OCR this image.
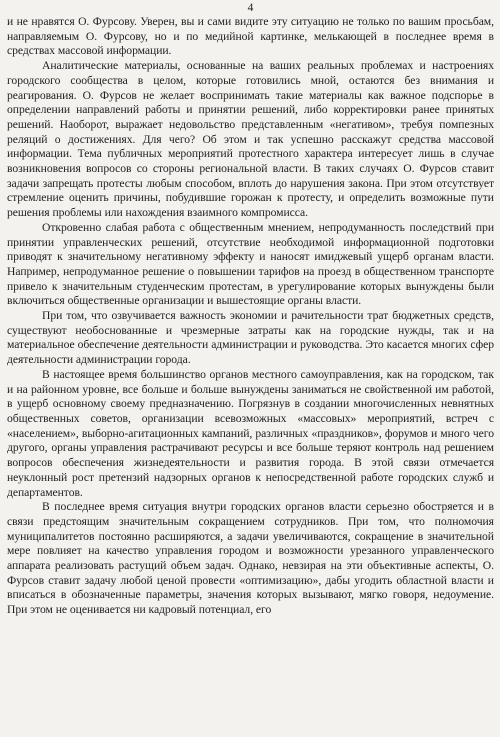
4

и не нравятся О. Фурсову. Уверен, вы и сами видите эту ситуацию не только по вашим просьбам, направляемым О. Фурсову, но и по медийной картинке, мелькающей в последнее время в средствах массовой информации.

Аналитические материалы, основанные на ваших реальных проблемах и настроениях городского сообщества в целом, которые готовились мной, остаются без внимания и реагирования. О. Фурсов не желает воспринимать такие материалы как важное подспорье в определении направлений работы и принятии решений, либо корректировки ранее принятых решений. Наоборот, выражает недовольство представленным «негативом», требуя помпезных реляций о достижениях. Для чего? Об этом и так успешно расскажут средства массовой информации. Тема публичных мероприятий протестного характера интересует лишь в случае возникновения вопросов со стороны региональной власти. В таких случаях О. Фурсов ставит задачи запрещать протесты любым способом, вплоть до нарушения закона. При этом отсутствует стремление оценить причины, побудившие горожан к протесту, и определить возможные пути решения проблемы или нахождения взаимного компромисса.

Откровенно слабая работа с общественным мнением, непродуманность последствий при принятии управленческих решений, отсутствие необходимой информационной подготовки приводят к значительному негативному эффекту и наносят имиджевый ущерб органам власти. Например, непродуманное решение о повышении тарифов на проезд в общественном транспорте привело к значительным студенческим протестам, в урегулирование которых вынуждены были включиться общественные организации и вышестоящие органы власти.

При том, что озвучивается важность экономии и рачительности трат бюджетных средств, существуют необоснованные и чрезмерные затраты как на городские нужды, так и на материальное обеспечение деятельности администрации и руководства. Это касается многих сфер деятельности администрации города.

В настоящее время большинство органов местного самоуправления, как на городском, так и на районном уровне, все больше и больше вынуждены заниматься не свойственной им работой, в ущерб основному своему предназначению. Погрязнув в создании многочисленных невнятных общественных советов, организации всевозможных «массовых» мероприятий, встреч с «населением», выборно-агитационных кампаний, различных «праздников», форумов и много чего другого, органы управления растрачивают ресурсы и все больше теряют контроль над решением вопросов обеспечения жизнедеятельности и развития города. В этой связи отмечается неуклонный рост претензий надзорных органов к непосредственной работе городских служб и департаментов.

В последнее время ситуация внутри городских органов власти серьезно обостряется и в связи предстоящим значительным сокращением сотрудников. При том, что полномочия муниципалитетов постоянно расширяются, а задачи увеличиваются, сокращение в значительной мере повлияет на качество управления городом и возможности урезанного управленческого аппарата реализовать растущий объем задач. Однако, невзирая на эти объективные аспекты, О. Фурсов ставит задачу любой ценой провести «оптимизацию», дабы угодить областной власти и вписаться в обозначенные параметры, значения которых вызывают, мягко говоря, недоумение. При этом не оценивается ни кадровый потенциал, его
